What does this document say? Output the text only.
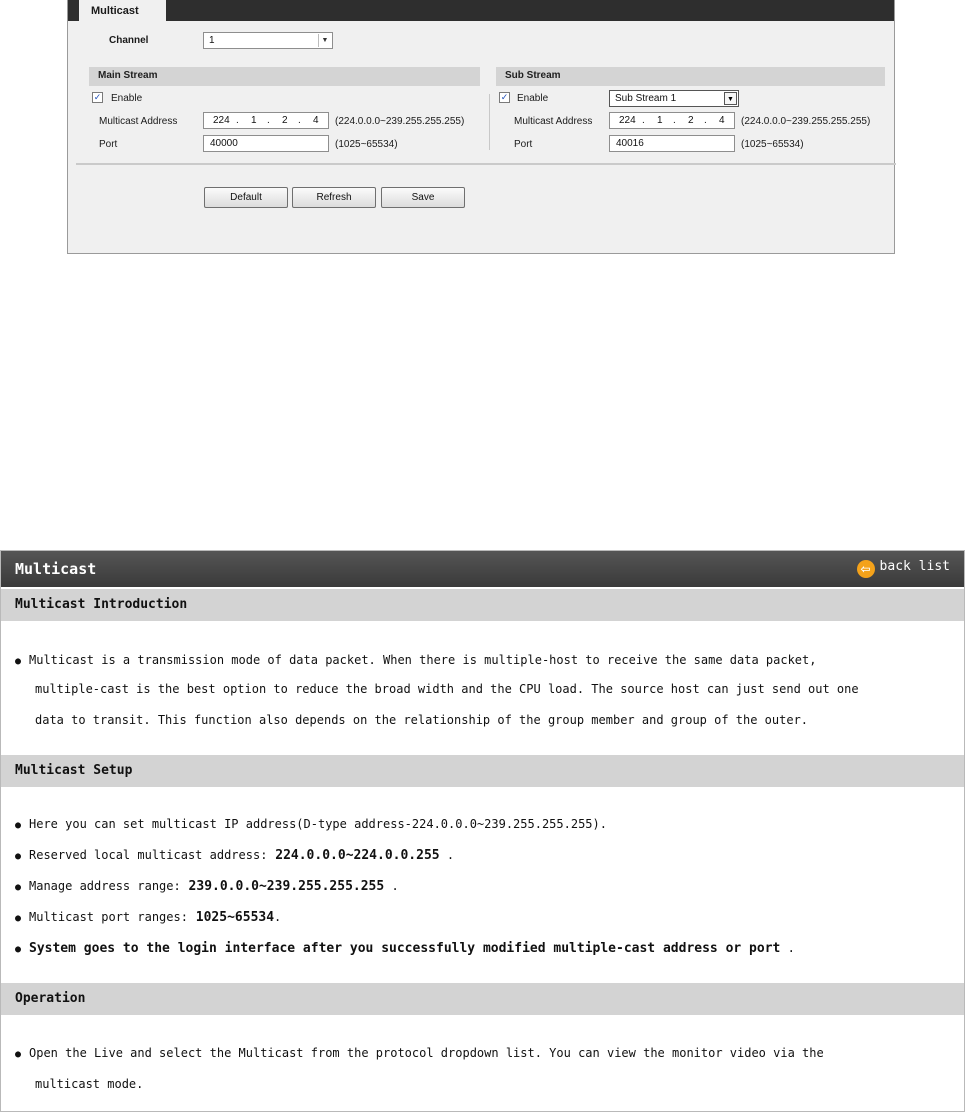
Multicast
Channel	1	▼
Main Stream
✓ Enable
Multicast Address	224 . 1 . 2 . 4 (224.0.0.0~239.255.255.255)
Port	40000	(1025~65534)
Sub Stream
✓ Enable	Sub Stream 1	▼
Multicast Address	224 . 1 . 2 . 4 (224.0.0.0~239.255.255.255)
Port	40016	(1025~65534)
Default	Refresh	Save
Multicast	⇦ back list
Multicast Introduction
● Multicast is a transmission mode of data packet. When there is multiple-host to receive the same data packet,
multiple-cast is the best option to reduce the broad width and the CPU load. The source host can just send out one
data to transit. This function also depends on the relationship of the group member and group of the outer.
Multicast Setup
● Here you can set multicast IP address(D-type address-224.0.0.0~239.255.255.255).
● Reserved local multicast address: 224.0.0.0~224.0.0.255 .
● Manage address range: 239.0.0.0~239.255.255.255 .
● Multicast port ranges: 1025~65534.
● System goes to the login interface after you successfully modified multiple-cast address or port .
Operation
● Open the Live and select the Multicast from the protocol dropdown list. You can view the monitor video via the
multicast mode.
